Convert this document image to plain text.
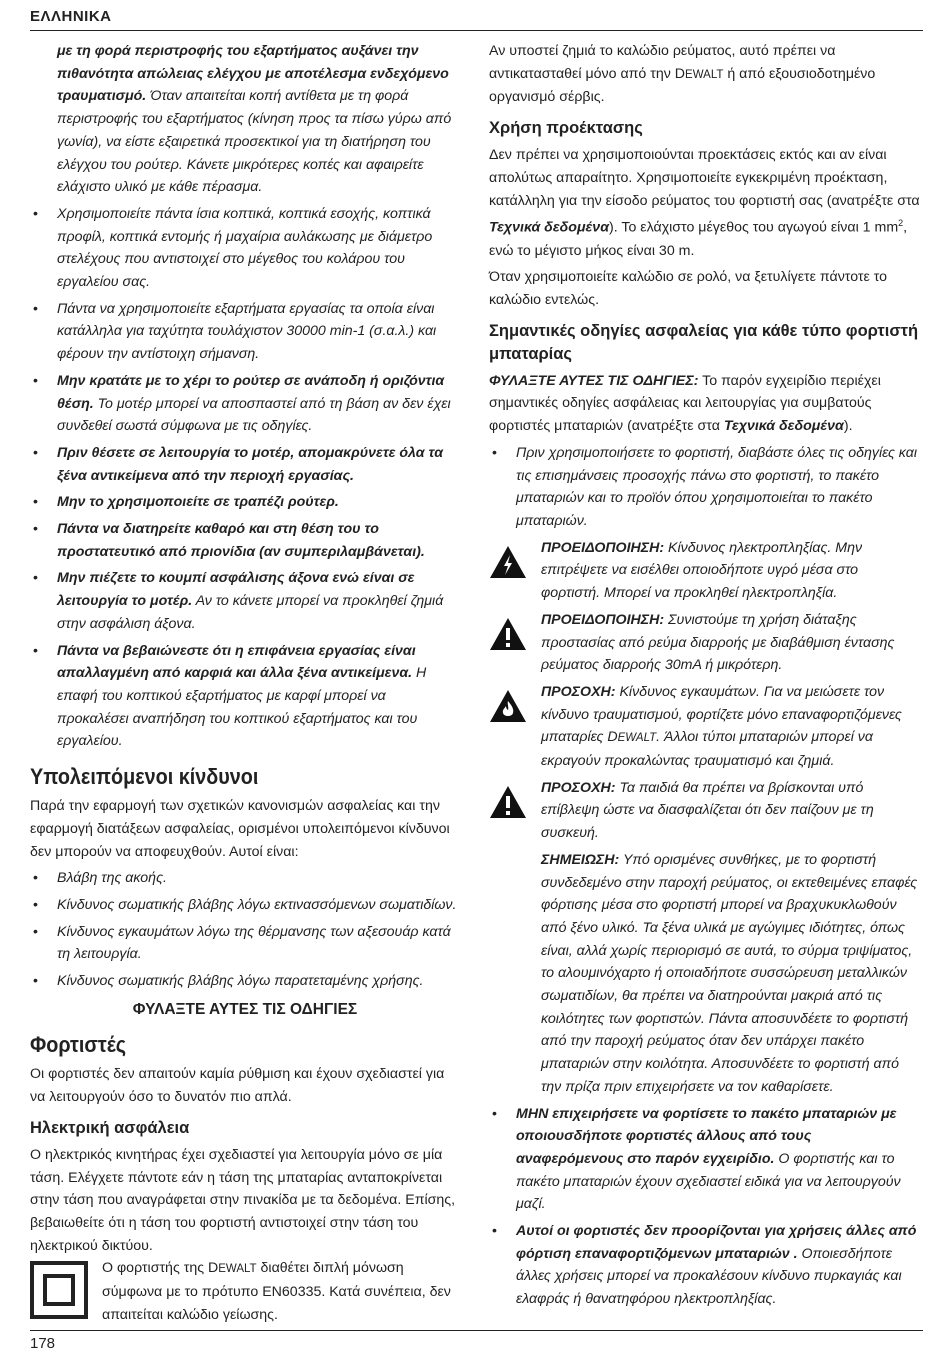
ΕΛΛΗΝΙΚΑ

με τη φορά περιστροφής του εξαρτήματος αυξάνει την πιθανότητα απώλειας ελέγχου με αποτέλεσμα ενδεχόμενο τραυματισμό. Όταν απαιτείται κοπή αντίθετα με τη φορά περιστροφής του εξαρτήματος (κίνηση προς τα πίσω γύρω από γωνία), να είστε εξαιρετικά προσεκτικοί για τη διατήρηση του ελέγχου του ρούτερ. Κάνετε μικρότερες κοπές και αφαιρείτε ελάχιστο υλικό με κάθε πέρασμα.

• Χρησιμοποιείτε πάντα ίσια κοπτικά, κοπτικά εσοχής, κοπτικά προφίλ, κοπτικά εντομής ή μαχαίρια αυλάκωσης με διάμετρο στελέχους που αντιστοιχεί στο μέγεθος του κολάρου του εργαλείου σας.

• Πάντα να χρησιμοποιείτε εξαρτήματα εργασίας τα οποία είναι κατάλληλα για ταχύτητα τουλάχιστον 30000 min-1 (σ.α.λ.) και φέρουν την αντίστοιχη σήμανση.

• Μην κρατάτε με το χέρι το ρούτερ σε ανάποδη ή οριζόντια θέση. Το μοτέρ μπορεί να αποσπαστεί από τη βάση αν δεν έχει συνδεθεί σωστά σύμφωνα με τις οδηγίες.

• Πριν θέσετε σε λειτουργία το μοτέρ, απομακρύνετε όλα τα ξένα αντικείμενα από την περιοχή εργασίας.

• Μην το χρησιμοποιείτε σε τραπέζι ρούτερ.

• Πάντα να διατηρείτε καθαρό και στη θέση του το προστατευτικό από πριονίδια (αν συμπεριλαμβάνεται).

• Μην πιέζετε το κουμπί ασφάλισης άξονα ενώ είναι σε λειτουργία το μοτέρ. Αν το κάνετε μπορεί να προκληθεί ζημιά στην ασφάλιση άξονα.

• Πάντα να βεβαιώνεστε ότι η επιφάνεια εργασίας είναι απαλλαγμένη από καρφιά και άλλα ξένα αντικείμενα. Η επαφή του κοπτικού εξαρτήματος με καρφί μπορεί να προκαλέσει αναπήδηση του κοπτικού εξαρτήματος και του εργαλείου.

Υπολειπόμενοι κίνδυνοι

Παρά την εφαρμογή των σχετικών κανονισμών ασφαλείας και την εφαρμογή διατάξεων ασφαλείας, ορισμένοι υπολειπόμενοι κίνδυνοι δεν μπορούν να αποφευχθούν. Αυτοί είναι:

• Βλάβη της ακοής.

• Κίνδυνος σωματικής βλάβης λόγω εκτινασσόμενων σωματιδίων.

• Κίνδυνος εγκαυμάτων λόγω της θέρμανσης των αξεσουάρ κατά τη λειτουργία.

• Κίνδυνος σωματικής βλάβης λόγω παρατεταμένης χρήσης.

ΦΥΛΑΞΤΕ ΑΥΤΕΣ ΤΙΣ ΟΔΗΓΙΕΣ
Φορτιστές

Οι φορτιστές δεν απαιτούν καμία ρύθμιση και έχουν σχεδιαστεί για να λειτουργούν όσο το δυνατόν πιο απλά.

Ηλεκτρική ασφάλεια

Ο ηλεκτρικός κινητήρας έχει σχεδιαστεί για λειτουργία μόνο σε μία τάση. Ελέγχετε πάντοτε εάν η τάση της μπαταρίας ανταποκρίνεται στην τάση που αναγράφεται στην πινακίδα με τα δεδομένα. Επίσης, βεβαιωθείτε ότι η τάση του φορτιστή αντιστοιχεί στην τάση του ηλεκτρικού δικτύου.

Ο φορτιστής της DEWALT διαθέτει διπλή μόνωση σύμφωνα με το πρότυπο EN60335. Κατά συνέπεια, δεν απαιτείται καλώδιο γείωσης.

Αν υποστεί ζημιά το καλώδιο ρεύματος, αυτό πρέπει να αντικατασταθεί μόνο από την DEWALT ή από εξουσιοδοτημένο οργανισμό σέρβις.

Χρήση προέκτασης

Δεν πρέπει να χρησιμοποιούνται προεκτάσεις εκτός και αν είναι απολύτως απαραίτητο. Χρησιμοποιείτε εγκεκριμένη προέκταση, κατάλληλη για την είσοδο ρεύματος του φορτιστή σας (ανατρέξτε στα Τεχνικά δεδομένα). Το ελάχιστο μέγεθος του αγωγού είναι 1 $mm^2$, ενώ το μέγιστο μήκος είναι 30 m.

Όταν χρησιμοποιείτε καλώδιο σε ρολό, να ξετυλίγετε πάντοτε το καλώδιο εντελώς.

Σημαντικές οδηγίες ασφαλείας για κάθε τύπο φορτιστή μπαταρίας

ΦΥΛΑΞΤΕ ΑΥΤΕΣ ΤΙΣ ΟΔΗΓΙΕΣ: Το παρόν εγχειρίδιο περιέχει σημαντικές οδηγίες ασφάλειας και λειτουργίας για συμβατούς φορτιστές μπαταριών (ανατρέξτε στα Τεχνικά δεδομένα).

• Πριν χρησιμοποιήσετε το φορτιστή, διαβάστε όλες τις οδηγίες και τις επισημάνσεις προσοχής πάνω στο φορτιστή, το πακέτο μπαταριών και το προϊόν όπου χρησιμοποιείται το πακέτο μπαταριών.

ΠΡΟΕΙΔΟΠΟΙΗΣΗ: Κίνδυνος ηλεκτροπληξίας. Μην επιτρέψετε να εισέλθει οποιοδήποτε υγρό μέσα στο φορτιστή. Μπορεί να προκληθεί ηλεκτροπληξία.

ΠΡΟΕΙΔΟΠΟΙΗΣΗ: Συνιστούμε τη χρήση διάταξης προστασίας από ρεύμα διαρροής με διαβάθμιση έντασης ρεύματος διαρροής 30mA ή μικρότερη.

ΠΡΟΣΟΧΗ: Κίνδυνος εγκαυμάτων. Για να μειώσετε τον κίνδυνο τραυματισμού, φορτίζετε μόνο επαναφορτιζόμενες μπαταρίες DEWALT. Άλλοι τύποι μπαταριών μπορεί να εκραγούν προκαλώντας τραυματισμό και ζημιά.

ΠΡΟΣΟΧΗ: Τα παιδιά θα πρέπει να βρίσκονται υπό επίβλεψη ώστε να διασφαλίζεται ότι δεν παίζουν με τη συσκευή.

ΣΗΜΕΙΩΣΗ: Υπό ορισμένες συνθήκες, με το φορτιστή συνδεδεμένο στην παροχή ρεύματος, οι εκτεθειμένες επαφές φόρτισης μέσα στο φορτιστή μπορεί να βραχυκυκλωθούν από ξένο υλικό. Τα ξένα υλικά με αγώγιμες ιδιότητες, όπως είναι, αλλά χωρίς περιορισμό σε αυτά, το σύρμα τριψίματος, το αλουμινόχαρτο ή οποιαδήποτε συσσώρευση μεταλλικών σωματιδίων, θα πρέπει να διατηρούνται μακριά από τις κοιλότητες των φορτιστών. Πάντα αποσυνδέετε το φορτιστή από την παροχή ρεύματος όταν δεν υπάρχει πακέτο μπαταριών στην κοιλότητα. Αποσυνδέετε το φορτιστή από την πρίζα πριν επιχειρήσετε να τον καθαρίσετε.

• ΜΗΝ επιχειρήσετε να φορτίσετε το πακέτο μπαταριών με οποιουσδήποτε φορτιστές άλλους από τους αναφερόμενους στο παρόν εγχειρίδιο. Ο φορτιστής και το πακέτο μπαταριών έχουν σχεδιαστεί ειδικά για να λειτουργούν μαζί.

• Αυτοί οι φορτιστές δεν προορίζονται για χρήσεις άλλες από φόρτιση επαναφορτιζόμενων μπαταριών . Οποιεσδήποτε άλλες χρήσεις μπορεί να προκαλέσουν κίνδυνο πυρκαγιάς και ελαφράς ή θανατηφόρου ηλεκτροπληξίας.

178
